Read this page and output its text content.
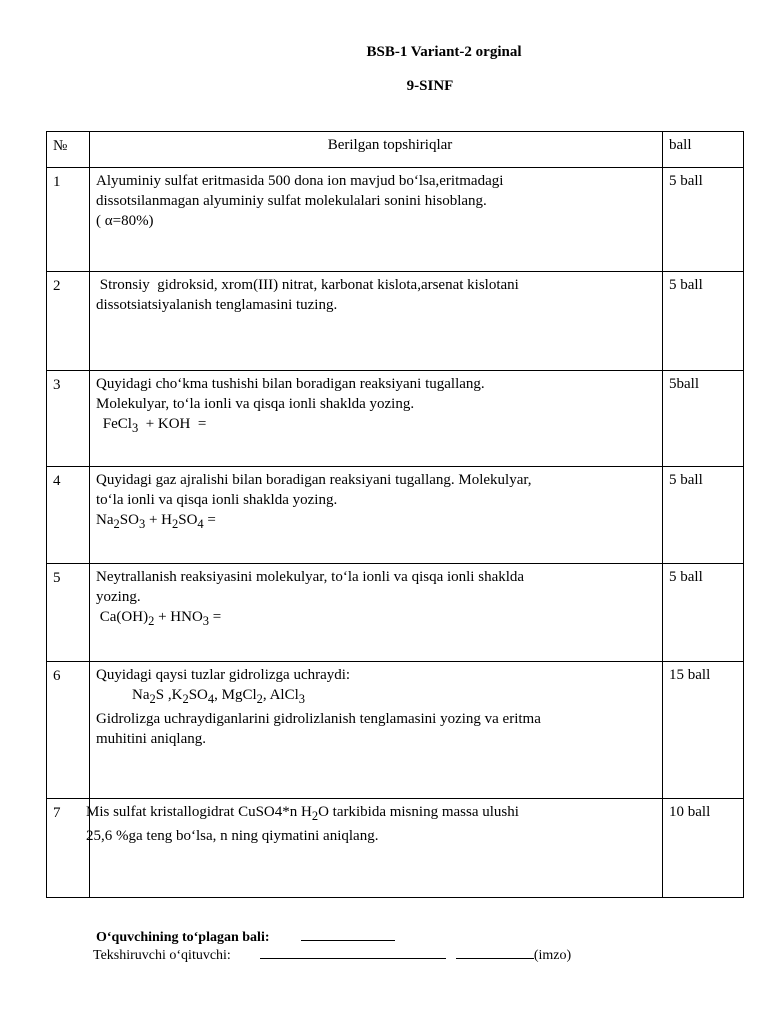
BSB-1 Variant-2 orginal
9-SINF
№	Berilgan topshiriqlar	ball
1	Alyuminiy sulfat eritmasida 500 dona ion mavjud bo‘lsa,eritmadagi
dissotsilanmagan alyuminiy sulfat molekulalari sonini hisoblang.
( α=80%)	5 ball
2	Stronsiy  gidroksid, xrom(III) nitrat, karbonat kislota,arsenat kislotani
dissotsiatsiyalanish tenglamasini tuzing.	5 ball
3	Quyidagi cho‘kma tushishi bilan boradigan reaksiyani tugallang.
Molekulyar, to‘la ionli va qisqa ionli shaklda yozing.
FeCl$_3$  + KOH  =	5ball
4	Quyidagi gaz ajralishi bilan boradigan reaksiyani tugallang. Molekulyar,
to‘la ionli va qisqa ionli shaklda yozing.
$Na_2SO_3 + H_2SO_4$ =	5 ball
5	Neytrallanish reaksiyasini molekulyar, to‘la ionli va qisqa ionli shaklda
yozing.
$Ca(OH)_2 + HNO_3$ =	5 ball
6	Quyidagi qaysi tuzlar gidrolizga uchraydi:
$Na_2S$ $,K_2SO_4$, MgCl$_2$, AlCl$_3$
Gidrolizga uchraydiganlarini gidrolizlanish tenglamasini yozing va eritma
muhitini aniqlang.	15 ball
7	Mis sulfat kristallogidrat CuSO4*n $H_2O$ tarkibida misning massa ulushi
25,6 %ga teng bo‘lsa, n ning qiymatini aniqlang.	10 ball
O‘quvchining to‘plagan bali:
Tekshiruvchi o‘qituvchi:	(imzo)
